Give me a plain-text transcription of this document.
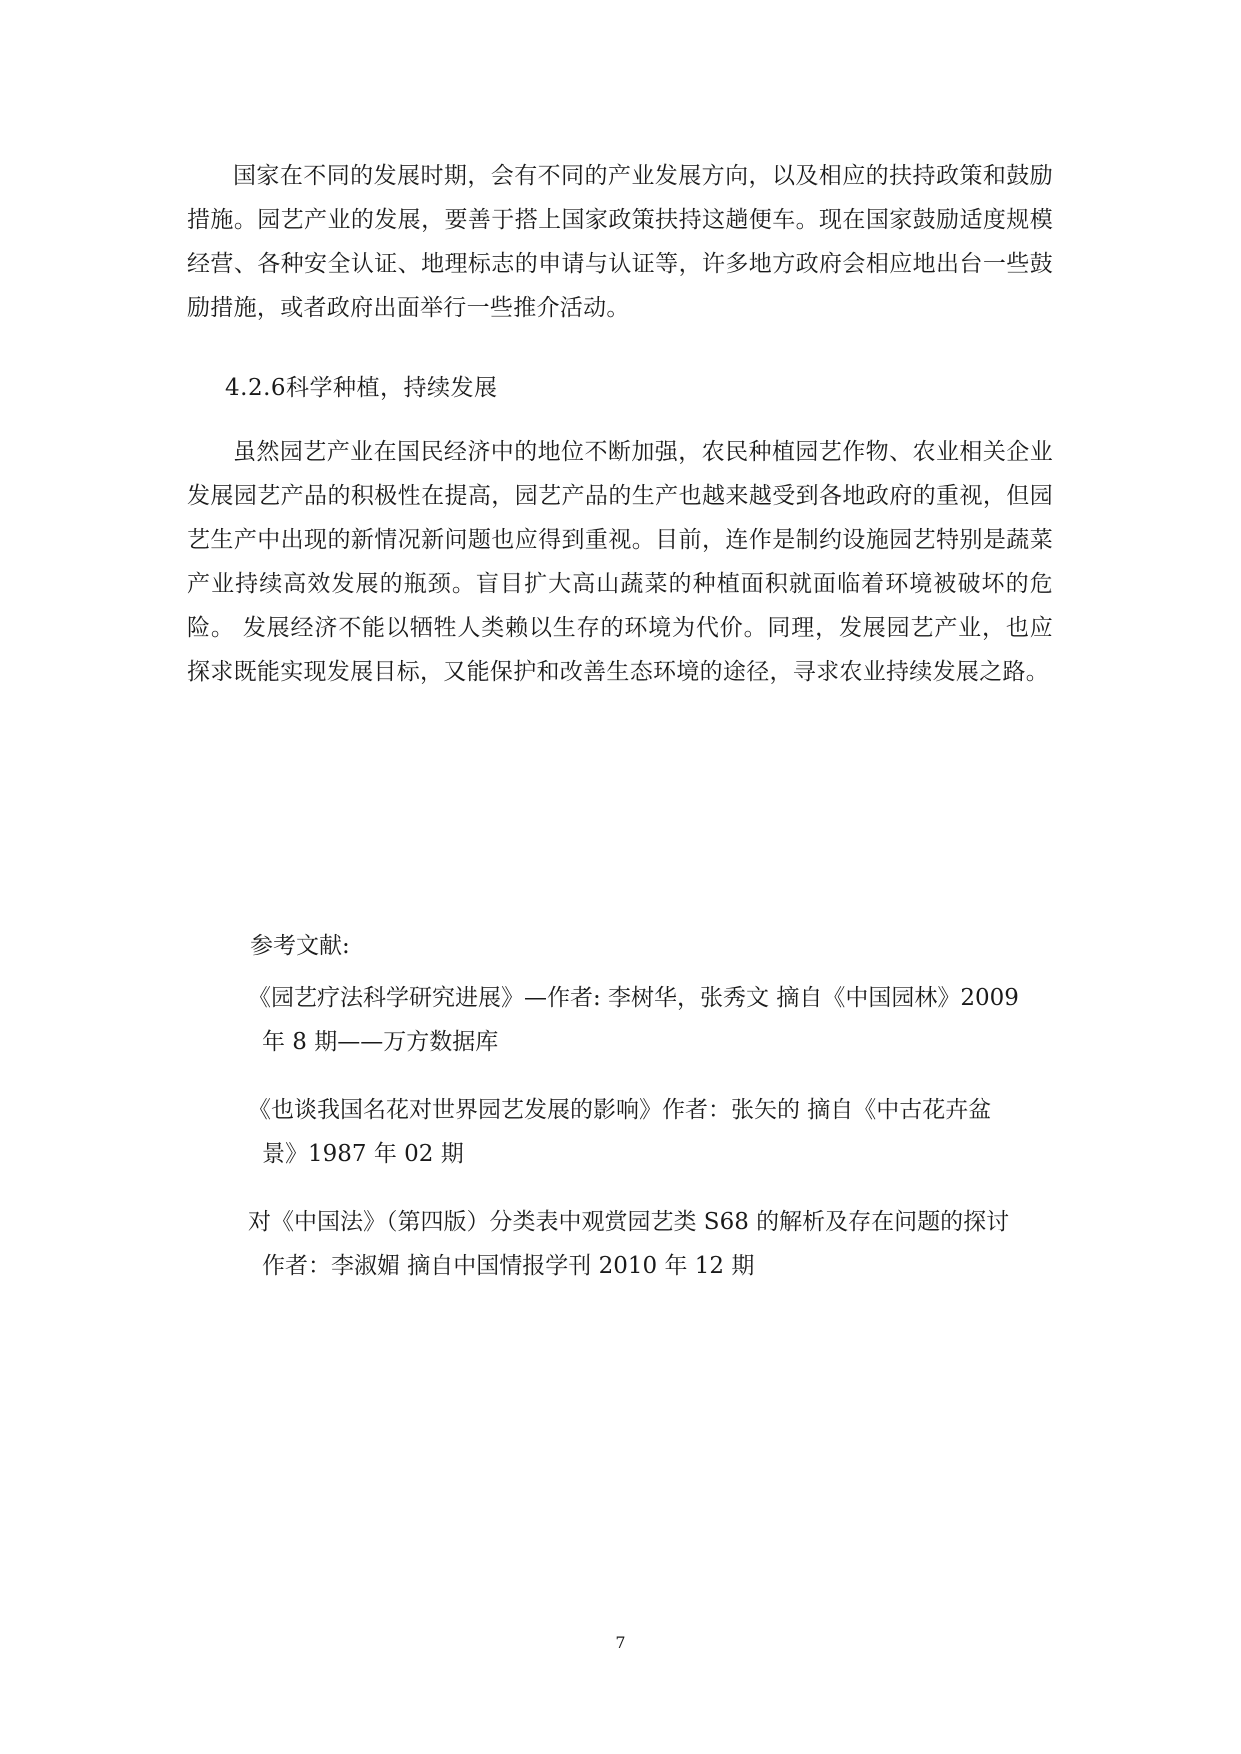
国家在不同的发展时期，会有不同的产业发展方向，以及相应的扶持政策和鼓励措施。园艺产业的发展，要善于搭上国家政策扶持这趟便车。现在国家鼓励适度规模经营、各种安全认证、地理标志的申请与认证等，许多地方政府会相应地出台一些鼓励措施，或者政府出面举行一些推介活动。

4.2.6科学种植，持续发展

虽然园艺产业在国民经济中的地位不断加强，农民种植园艺作物、农业相关企业发展园艺产品的积极性在提高，园艺产品的生产也越来越受到各地政府的重视，但园艺生产中出现的新情况新问题也应得到重视。目前，连作是制约设施园艺特别是蔬菜产业持续高效发展的瓶颈。盲目扩大高山蔬菜的种植面积就面临着环境被破坏的危险。 发展经济不能以牺牲人类赖以生存的环境为代价。同理，发展园艺产业，也应探求既能实现发展目标，又能保护和改善生态环境的途径，寻求农业持续发展之路。

参考文献:

《园艺疗法科学研究进展》—作者: 李树华，张秀文 摘自《中国园林》2009
年 8 期——万方数据库
《也谈我国名花对世界园艺发展的影响》作者：张矢的 摘自《中古花卉盆
景》1987 年 02 期
对《中国法》（第四版）分类表中观赏园艺类 S68 的解析及存在问题的探讨
作者：李淑媚 摘自中国情报学刊 2010 年 12 期

7
